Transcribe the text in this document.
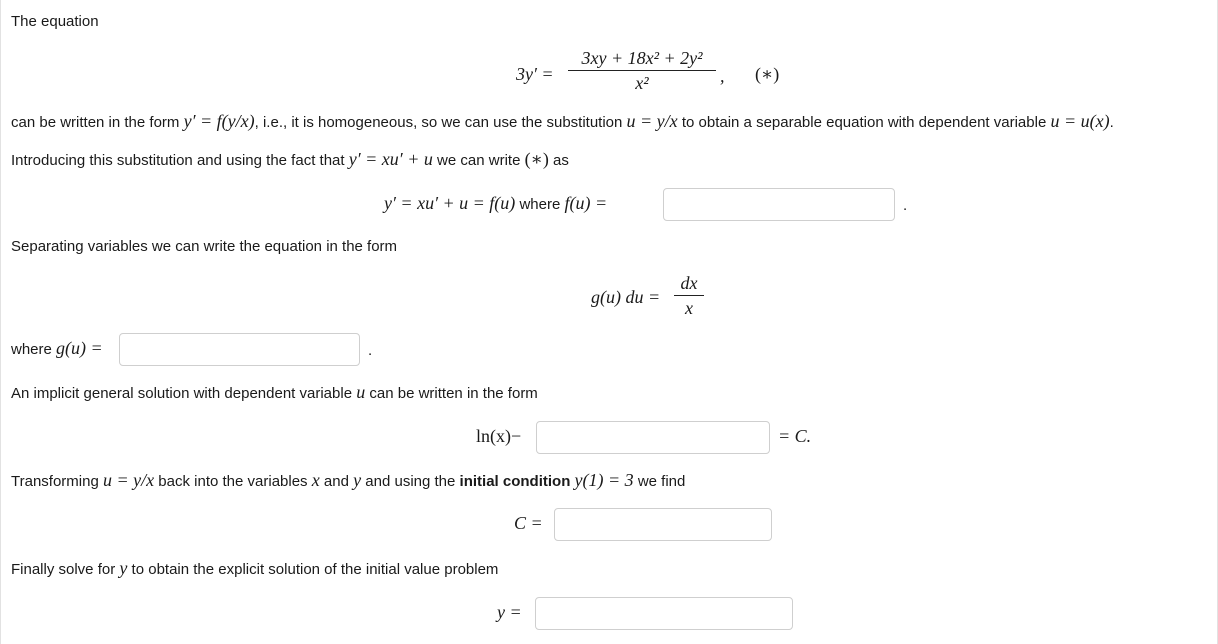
The equation
3y′ =
3xy + 18x² + 2y²
x²	, (∗)
can be written in the form y′ = f(y/x), i.e., it is homogeneous, so we can use the substitution u = y/x to obtain a separable equation with dependent variable u = u(x).
Introducing this substitution and using the fact that y′ = xu′ + u we can write (∗) as
y′ = xu′ + u = f(u) where f(u) =	.
Separating variables we can write the equation in the form
g(u) du =
dx
x
where g(u) =	.
An implicit general solution with dependent variable u can be written in the form
ln(x)−	= C.
Transforming u = y/x back into the variables x and y and using the initial condition y(1) = 3 we find
C =
Finally solve for y to obtain the explicit solution of the initial value problem
y =
